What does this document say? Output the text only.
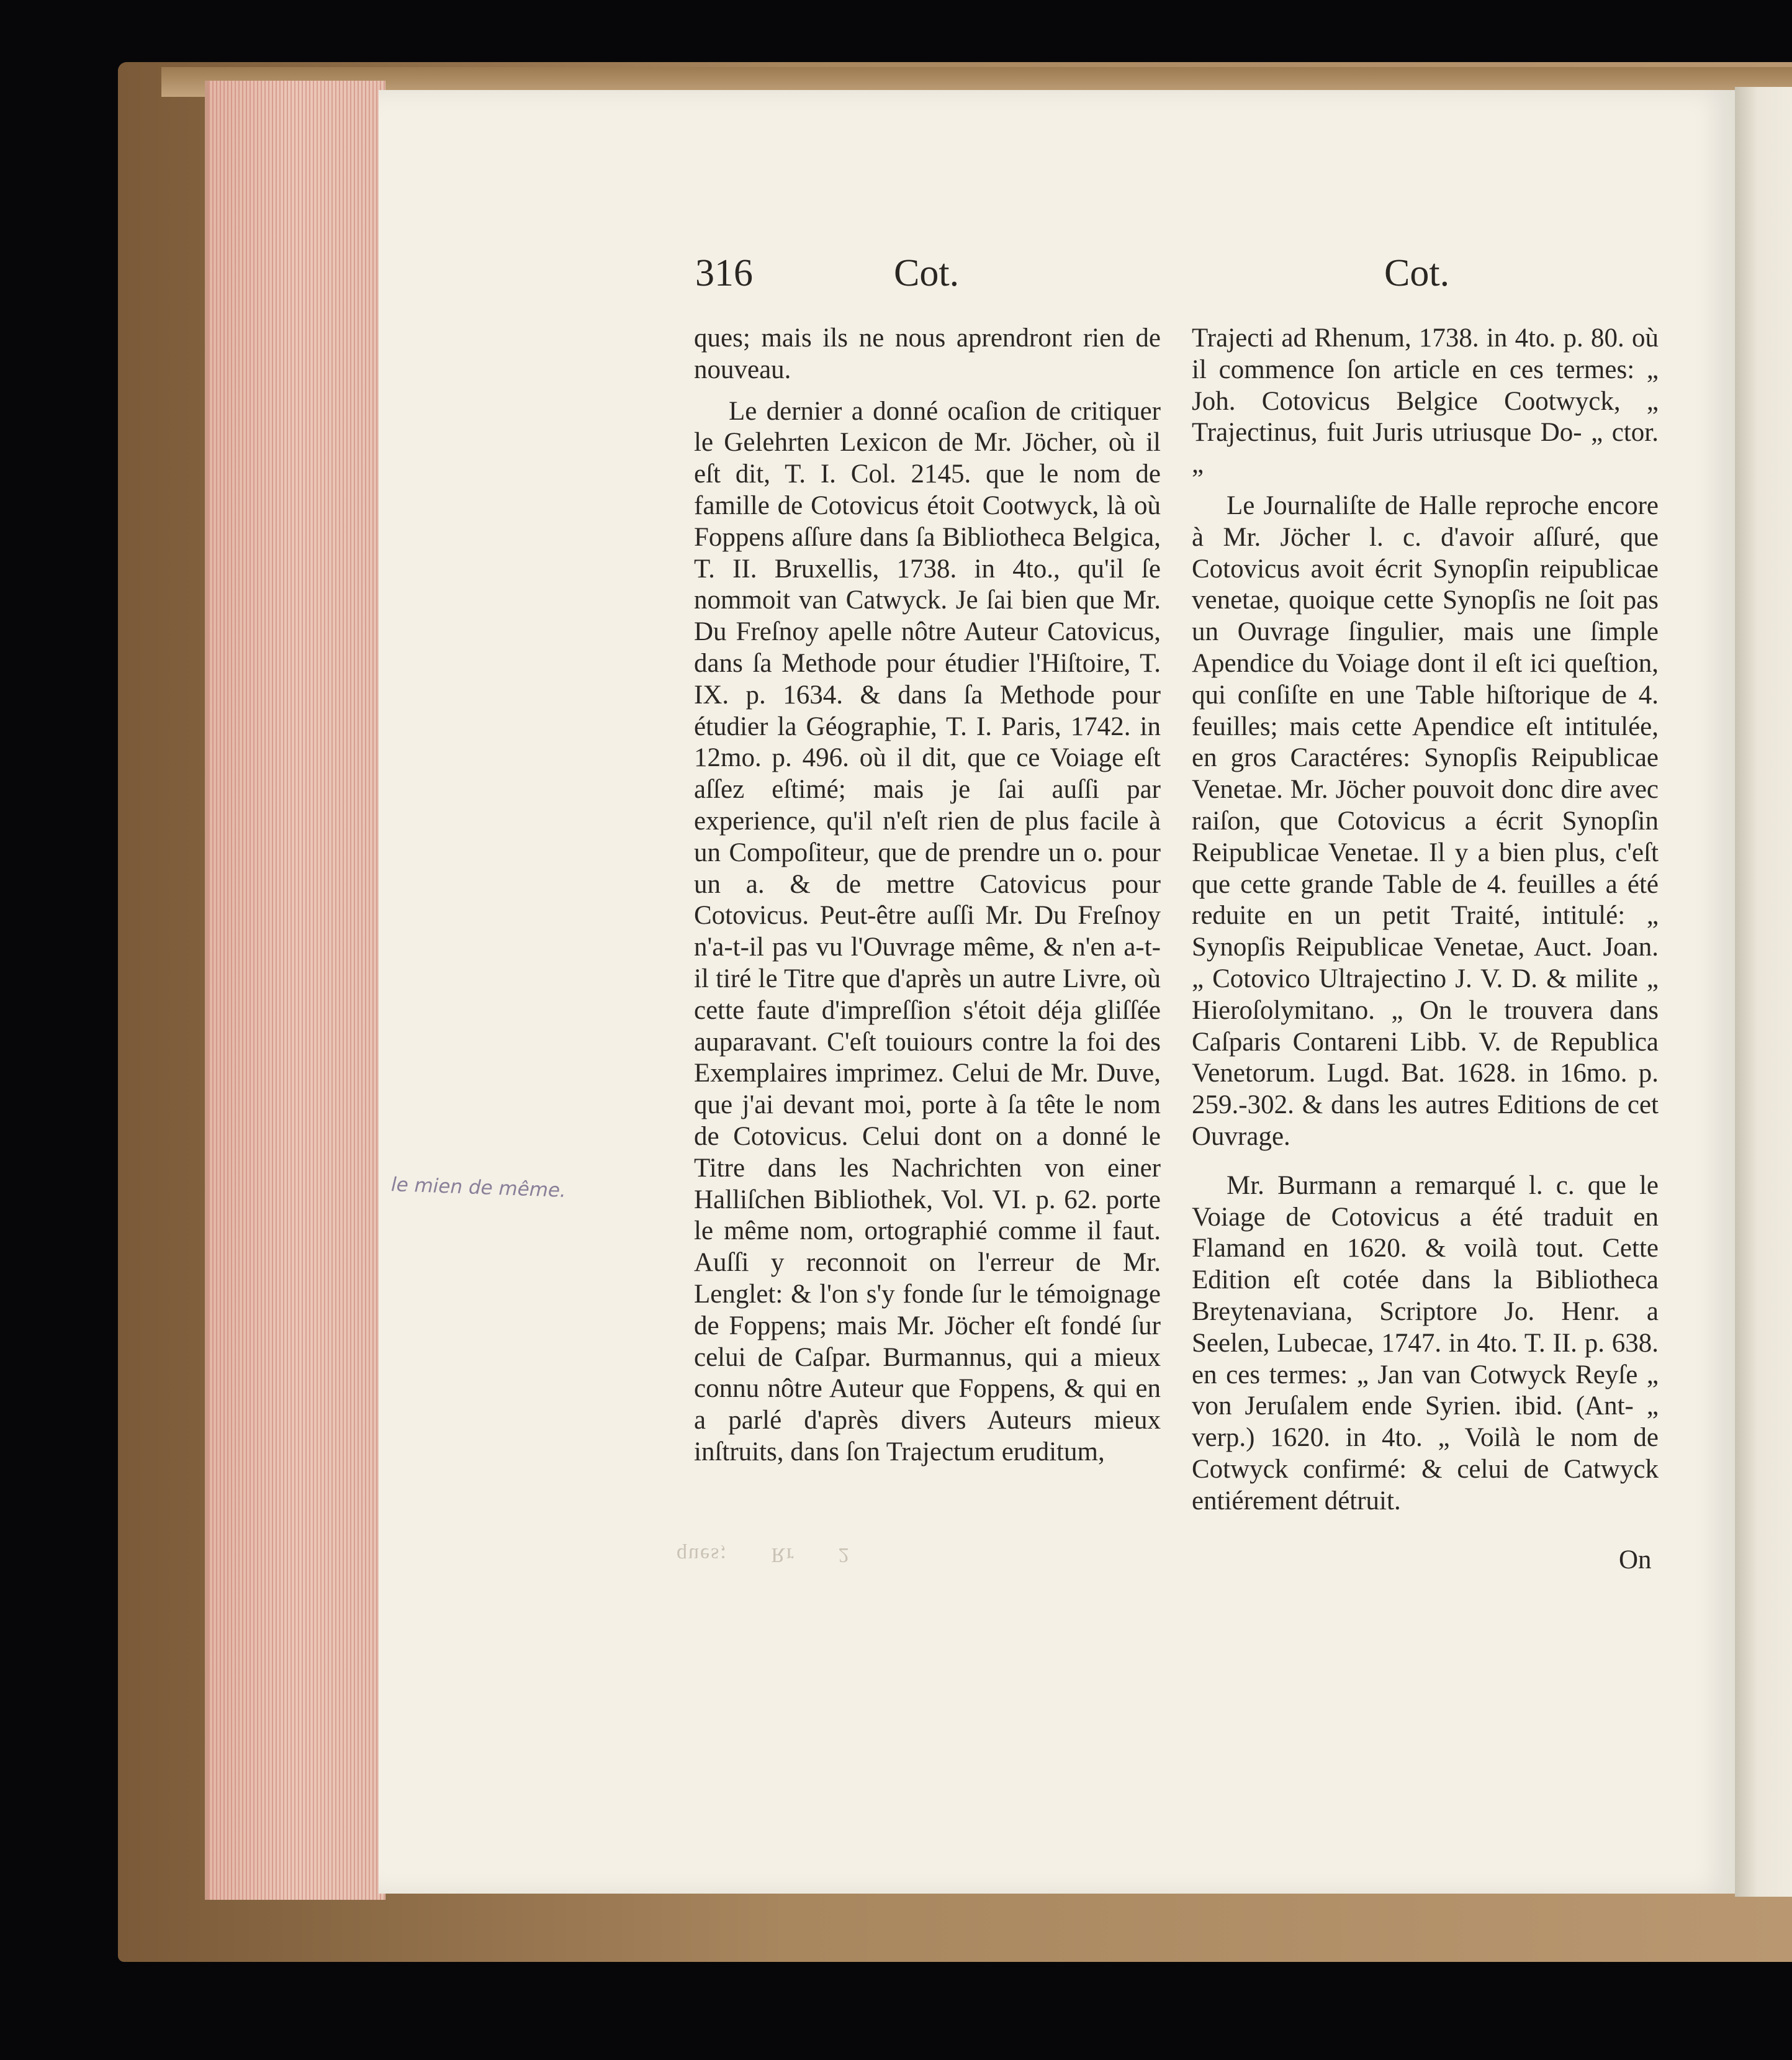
316	Cot.	Cot.

ques; mais ils ne nous aprendront rien de nouveau.

Le dernier a donné ocaſion de critiquer le Gelehrten Lexicon de Mr. Jöcher, où il eſt dit, T. I. Col. 2145. que le nom de famille de Cotovicus étoit Cootwyck, là où Foppens aſſure dans ſa Bibliotheca Belgica, T. II. Bruxellis, 1738. in 4to., qu'il ſe nommoit van Catwyck. Je ſai bien que Mr. Du Freſnoy apelle nôtre Auteur Catovicus, dans ſa Methode pour étudier l'Hiſtoire, T. IX. p. 1634. & dans ſa Methode pour étudier la Géographie, T. I. Paris, 1742. in 12mo. p. 496. où il dit, que ce Voiage eſt aſſez eſtimé; mais je ſai auſſi par experience, qu'il n'eſt rien de plus facile à un Compoſiteur, que de prendre un o. pour un a. & de mettre Catovicus pour Cotovicus. Peut-être auſſi Mr. Du Freſnoy n'a-t-il pas vu l'Ouvrage même, & n'en a-t-il tiré le Titre que d'après un autre Livre, où cette faute d'impreſſion s'étoit déja gliſſée auparavant. C'eſt touiours contre la foi des Exemplaires imprimez. Celui de Mr. Duve, que j'ai devant moi, porte à ſa tête le nom de Cotovicus. Celui dont on a donné le Titre dans les Nachrichten von einer Halliſchen Bibliothek, Vol. VI. p. 62. porte le même nom, ortographié comme il faut. Auſſi y reconnoit on l'erreur de Mr. Lenglet: & l'on s'y fonde ſur le témoignage de Foppens; mais Mr. Jöcher eſt fondé ſur celui de Caſpar. Burmannus, qui a mieux connu nôtre Auteur que Foppens, & qui en a parlé d'après divers Auteurs mieux inſtruits, dans ſon Trajectum eruditum,

Trajecti ad Rhenum, 1738. in 4to. p. 80. où il commence ſon article en ces termes: „ Joh. Cotovicus Belgice Cootwyck, „ Trajectinus, fuit Juris utriusque Do- „ ctor. „

Le Journaliſte de Halle reproche encore à Mr. Jöcher l. c. d'avoir aſſuré, que Cotovicus avoit écrit Synopſin reipublicae venetae, quoique cette Synopſis ne ſoit pas un Ouvrage ſingulier, mais une ſimple Apendice du Voiage dont il eſt ici queſtion, qui conſiſte en une Table hiſtorique de 4. feuilles; mais cette Apendice eſt intitulée, en gros Caractéres: Synopſis Reipublicae Venetae. Mr. Jöcher pouvoit donc dire avec raiſon, que Cotovicus a écrit Synopſin Reipublicae Venetae. Il y a bien plus, c'eſt que cette grande Table de 4. feuilles a été reduite en un petit Traité, intitulé: „ Synopſis Reipublicae Venetae, Auct. Joan. „ Cotovico Ultrajectino J. V. D. & milite „ Hieroſolymitano. „ On le trouvera dans Caſparis Contareni Libb. V. de Republica Venetorum. Lugd. Bat. 1628. in 16mo. p. 259.-302. & dans les autres Editions de cet Ouvrage.

Mr. Burmann a remarqué l. c. que le Voiage de Cotovicus a été traduit en Flamand en 1620. & voilà tout. Cette Edition eſt cotée dans la Bibliotheca Breytenaviana, Scriptore Jo. Henr. a Seelen, Lubecae, 1747. in 4to. T. II. p. 638. en ces termes: „ Jan van Cotwyck Reyſe „ von Jeruſalem ende Syrien. ibid. (Ant- „ verp.) 1620. in 4to. „ Voilà le nom de Cotwyck confirmé: & celui de Catwyck entiérement détruit.

On
ques; Rr 2
le mien de même.
